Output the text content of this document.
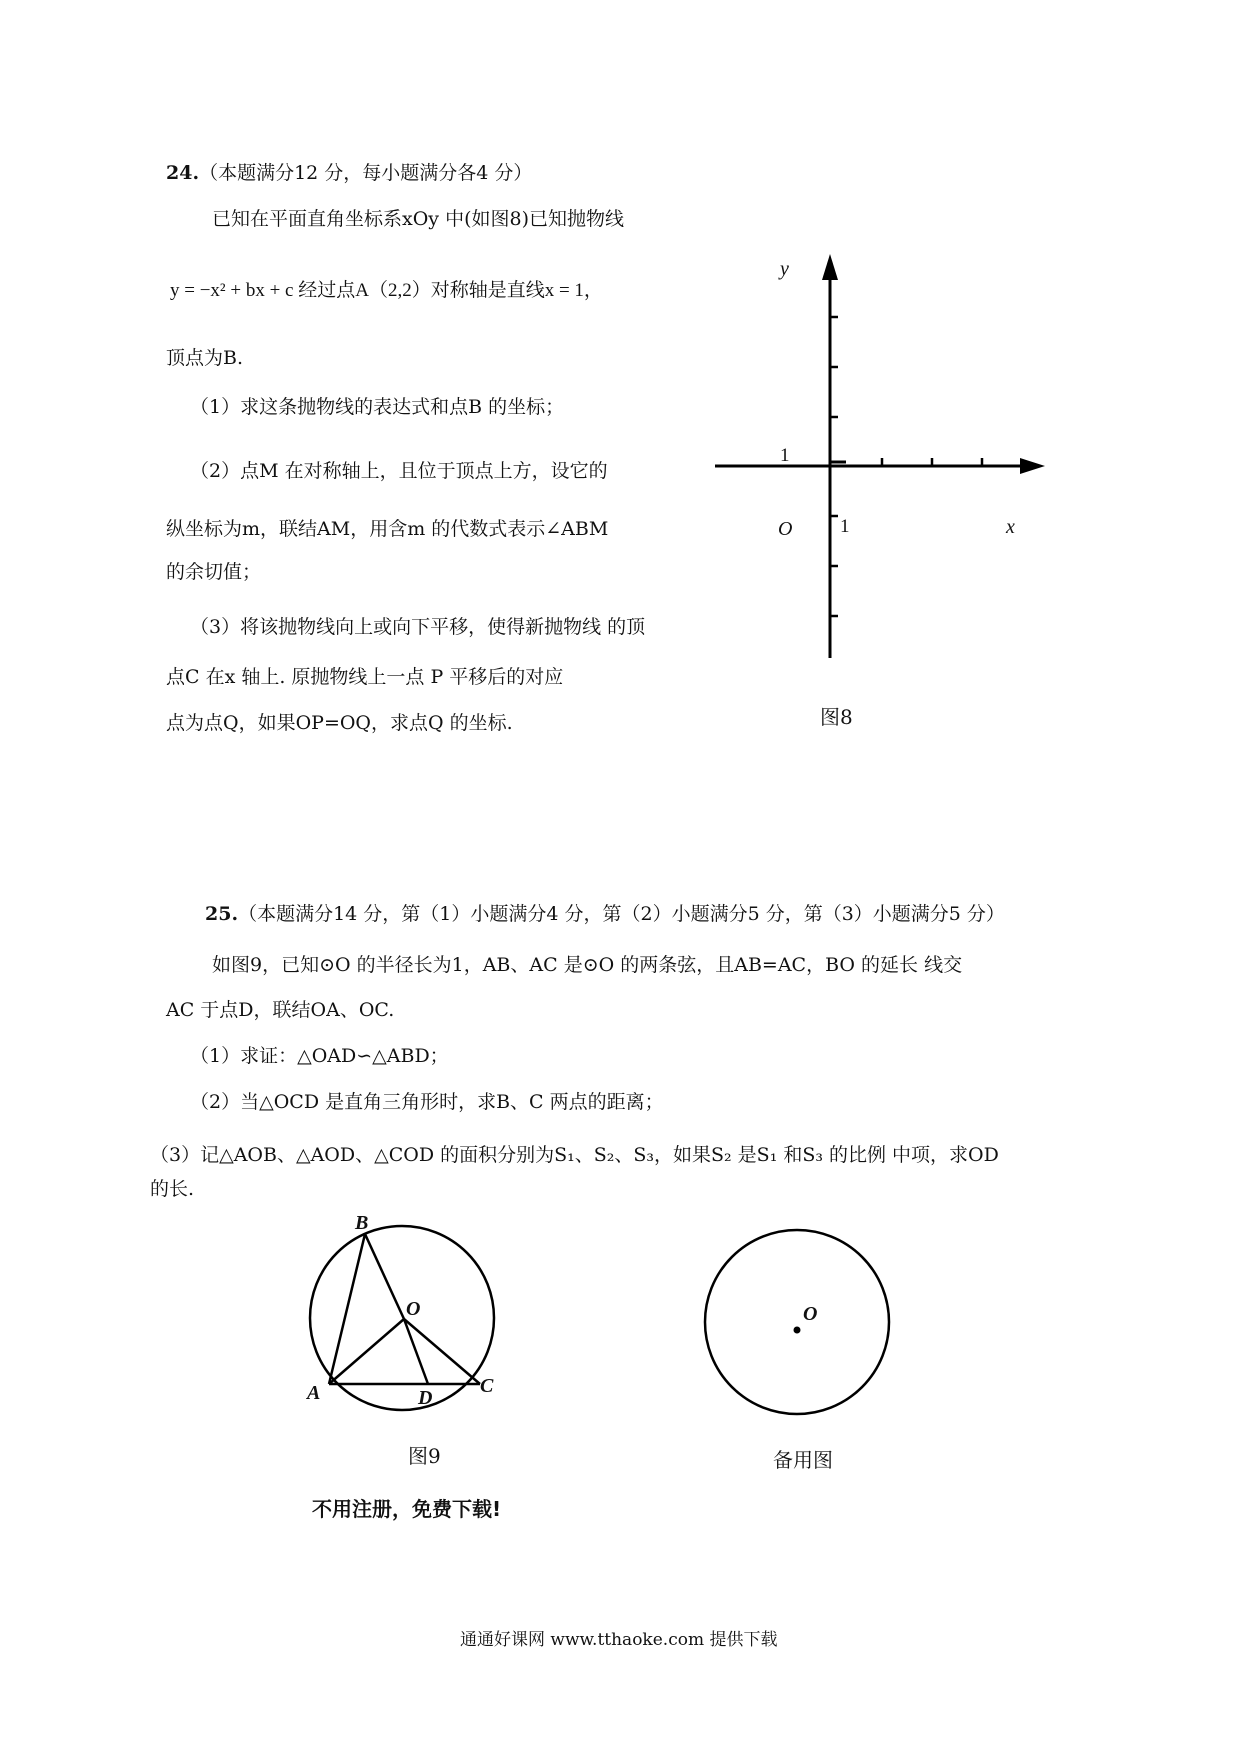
24.（本题满分12 分，每小题满分各4 分）
已知在平面直角坐标系xOy 中(如图8)已知抛物线
y = −x² + bx + c 经过点A（2,2）对称轴是直线x = 1，
顶点为B.
（1）求这条抛物线的表达式和点B 的坐标；
（2）点M 在对称轴上，且位于顶点上方，设它的
纵坐标为m，联结AM，用含m 的代数式表示∠ABM
的余切值；
（3）将该抛物线向上或向下平移，使得新抛物线 的顶
点C 在x 轴上. 原抛物线上一点 P 平移后的对应
点为点Q，如果OP=OQ，求点Q 的坐标.
y
x
O
1
1
图8
25.（本题满分14 分，第（1）小题满分4 分，第（2）小题满分5 分，第（3）小题满分5 分）
如图9，已知⊙O 的半径长为1，AB、AC 是⊙O 的两条弦，且AB=AC，BO 的延长 线交
AC 于点D，联结OA、OC.
（1）求证：△OAD∽△ABD；
（2）当△OCD 是直角三角形时，求B、C 两点的距离；
（3）记△AOB、△AOD、△COD 的面积分别为S₁、S₂、S₃，如果S₂ 是S₁ 和S₃ 的比例 中项，求OD
的长.
B
O
A	D
C
图9
O
备用图
不用注册，免费下载!
通通好课网 www.tthaoke.com 提供下载
